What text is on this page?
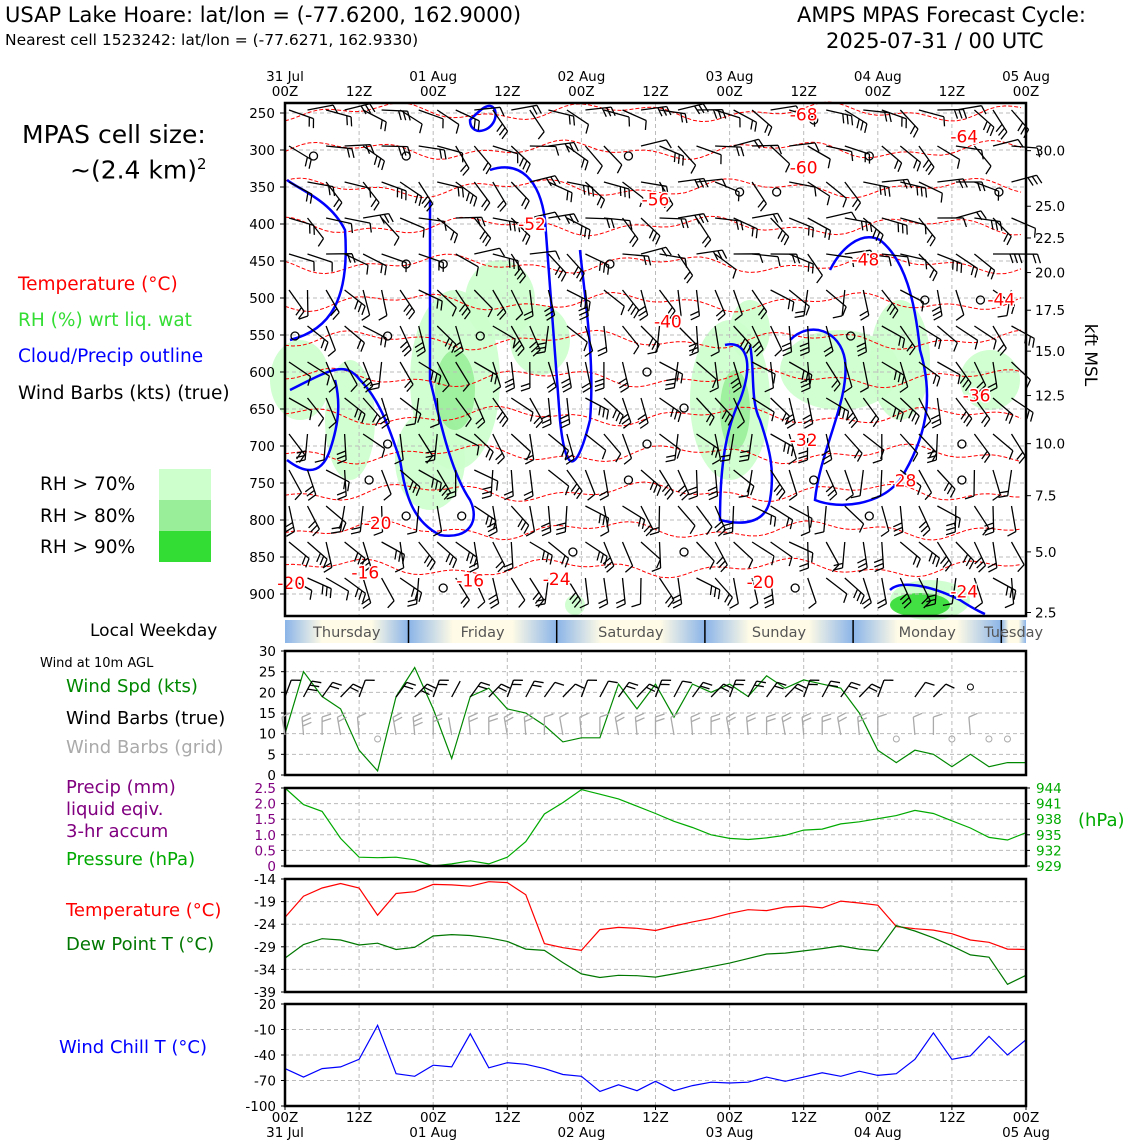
USAP Lake Hoare: lat/lon = (-77.6200, 162.9000)
Nearest cell 1523242: lat/lon = (-77.6271, 162.9330)
AMPS MPAS Forecast Cycle:
2025-07-31 / 00 UTC
MPAS cell size:
~(2.4 km)$^2$
Temperature (°C)
RH (%) wrt liq. wat
Cloud/Precip outline
Wind Barbs (kts) (true)
RH > 70%
RH > 80%
RH > 90%
Local Weekday
Wind at 10m AGL
Wind Spd (kts)
Wind Barbs (true)
Wind Barbs (grid)
Precip (mm)
liquid eqiv.
3-hr accum
Pressure (hPa)
Temperature (°C)
Dew Point T (°C)
Wind Chill T (°C)
(hPa)
-68
-64
-60
-56
-52
-48
-44
-40
-36
-32
-28
-20
-16	-16	-24	-20	-24
-20
250
300
350
400
450
500
550
600
650
700
750
800
850
900
2.5
5.0
7.5
10.0
12.5
15.0
17.5
20.0
22.5
25.0
30.0
kft MSL
00Z
31 Jul
12Z	00Z
01 Aug
12Z	00Z
02 Aug
12Z	00Z
03 Aug
12Z	00Z
04 Aug
12Z	00Z
05 Aug
Thursday	Friday	Saturday	Sunday	Monday Tuesday
0
5
10
15
20
25
30
0
0.5
1.0
1.5
2.0
2.5
929
932
935
938
941
944
-14
-19
-24
-29
-34
-39
20
-10
-40
-70
-100
00Z
31 Jul
12Z	00Z
01 Aug
12Z	00Z
02 Aug
12Z	00Z
03 Aug
12Z	00Z
04 Aug
12Z	00Z
05 Aug
